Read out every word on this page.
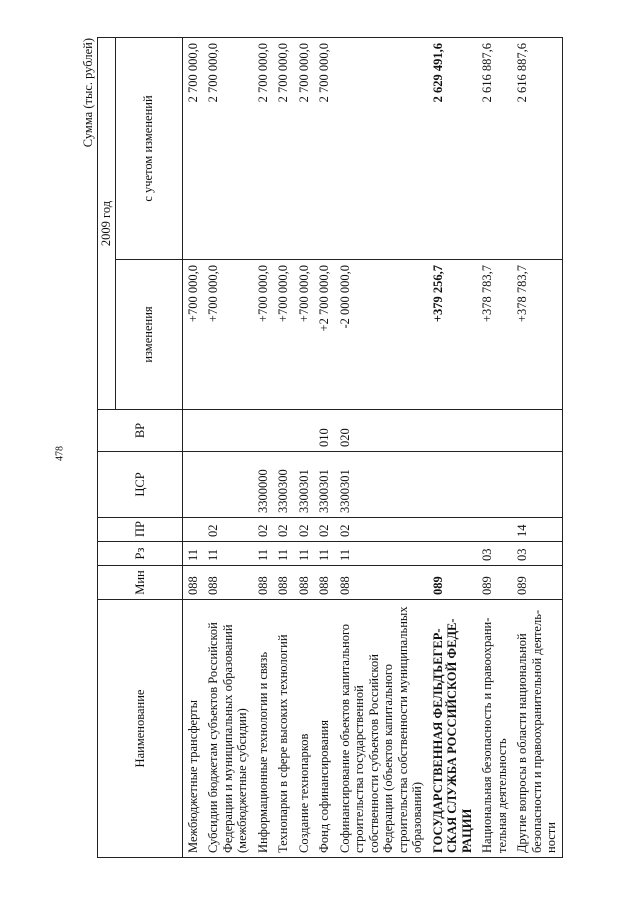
478
Сумма (тыс. рублей)
Наименование	Мин	Рз	ПР	ЦСР	ВР	2009 год	
						изменения	с учетом изменений
Межбюджетные трансферты	088	11				+700 000,0	2 700 000,0
Субсидии бюджетам субъектов Российской Федерации и муниципальных образований (межбюджетные субсидии)	088	11	02			+700 000,0	2 700 000,0
Информационные технологии и связь	088	11	02	3300000		+700 000,0	2 700 000,0
Технопарки в сфере высоких технологий	088	11	02	3300300		+700 000,0	2 700 000,0
Создание технопарков	088	11	02	3300301		+700 000,0	2 700 000,0
Фонд софинансирования	088	11	02	3300301	010	+2 700 000,0	2 700 000,0
Софинансирование объектов капитального строительства государственной собственности субъектов Российской Федерации (объектов капитального строительства собственности муниципальных образований)	088	11	02	3300301	020	-2 000 000,0	
ГОСУДАРСТВЕННАЯ ФЕЛЬДЪЕГЕР-СКАЯ СЛУЖБА РОССИЙСКОЙ ФЕДЕ-РАЦИИ	089					+379 256,7	2 629 491,6
Национальная безопасность и правоохрани-тельная деятельность	089	03				+378 783,7	2 616 887,6
Другие вопросы в области национальной безопасности и правоохранительной деятель-ности	089	03	14			+378 783,7	2 616 887,6
